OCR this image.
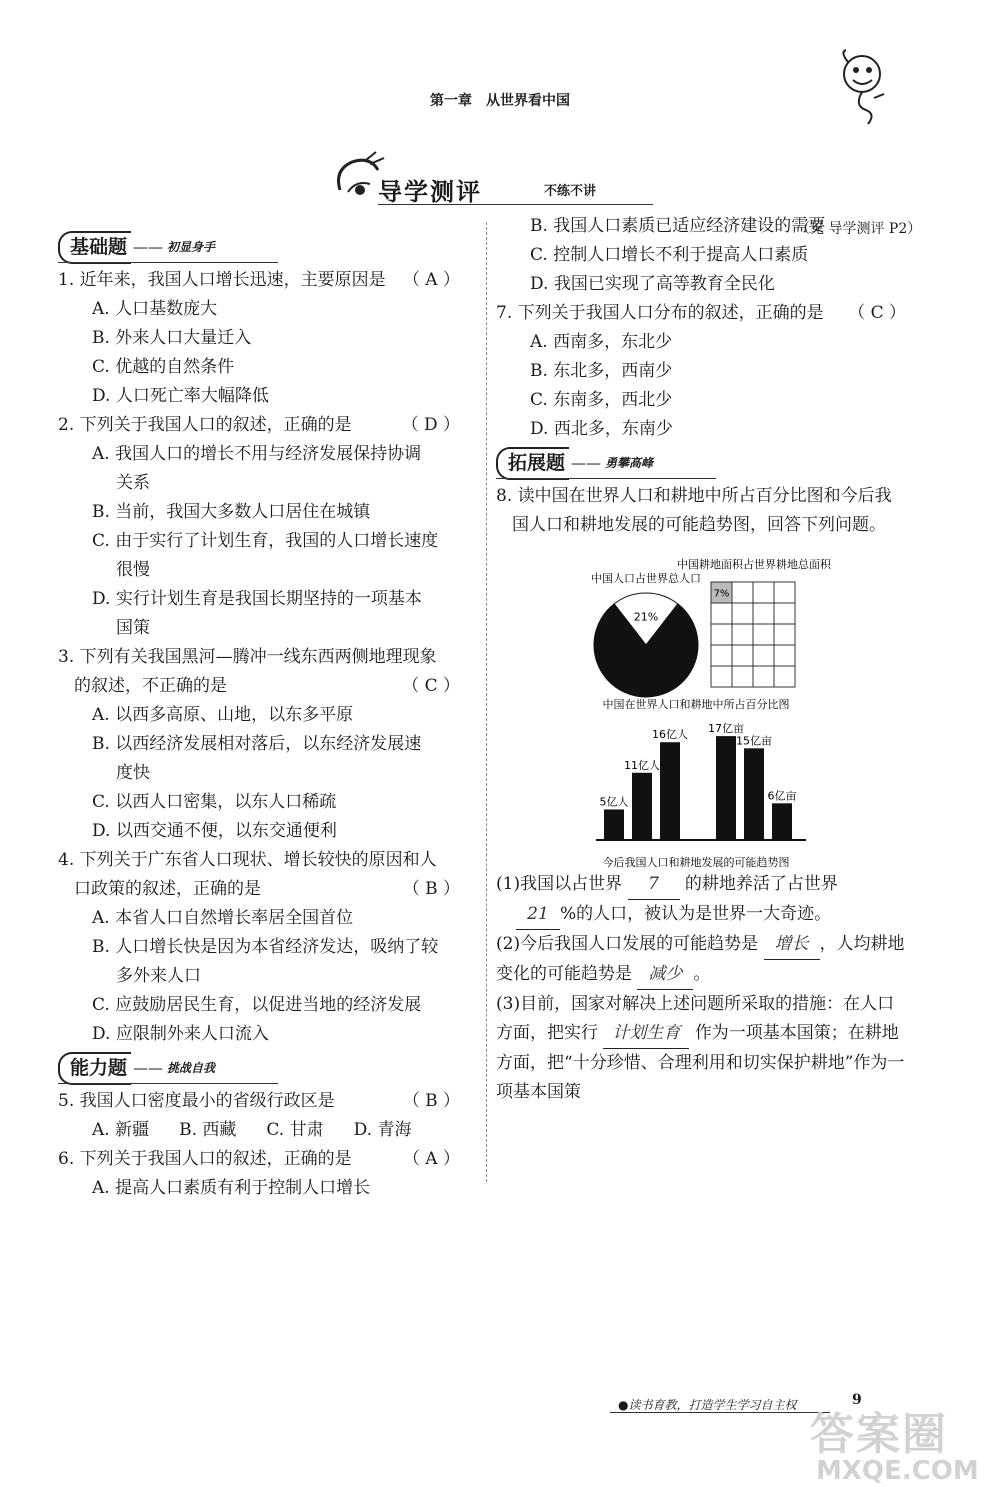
第一章　从世界看中国
导学测评	不练不讲
（见 导学测评 P2）
基础题 —— 初显身手
1. 近年来，我国人口增长迅速，主要原因是 （ A ）
A. 人口基数庞大
B. 外来人口大量迁入
C. 优越的自然条件
D. 人口死亡率大幅降低
2. 下列关于我国人口的叙述，正确的是	（ D ）
A. 我国人口的增长不用与经济发展保持协调
关系
B. 当前，我国大多数人口居住在城镇
C. 由于实行了计划生育，我国的人口增长速度
很慢
D. 实行计划生育是我国长期坚持的一项基本
国策
3. 下列有关我国黑河—腾冲一线东西两侧地理现象
的叙述，不正确的是	（ C ）
A. 以西多高原、山地，以东多平原
B. 以西经济发展相对落后，以东经济发展速
度快
C. 以西人口密集，以东人口稀疏
D. 以西交通不便，以东交通便利
4. 下列关于广东省人口现状、增长较快的原因和人
口政策的叙述，正确的是	（ B ）
A. 本省人口自然增长率居全国首位
B. 人口增长快是因为本省经济发达，吸纳了较
多外来人口
C. 应鼓励居民生育，以促进当地的经济发展
D. 应限制外来人口流入
能力题 —— 挑战自我
5. 我国人口密度最小的省级行政区是	（ B ）
A. 新疆 B. 西藏 C. 甘肃 D. 青海
6. 下列关于我国人口的叙述，正确的是	（ A ）
A. 提高人口素质有利于控制人口增长
B. 我国人口素质已适应经济建设的需要
C. 控制人口增长不利于提高人口素质
D. 我国已实现了高等教育全民化
7. 下列关于我国人口分布的叙述，正确的是 （ C ）
A. 西南多，东北少
B. 东北多，西南少
C. 东南多，西北少
D. 西北多，东南少
拓展题 —— 勇攀高峰
8. 读中国在世界人口和耕地中所占百分比图和今后我国人口和耕地发展的可能趋势图，回答下列问题。
中国人口占世界总人口
21%
中国耕地面积占世界耕地总面积
7%
中国在世界人口和耕地中所占百分比图
5亿人
11亿人
16亿人 17亿亩
15亿亩
6亿亩
今后我国人口和耕地发展的可能趋势图
(1)我国以占世界 7 的耕地养活了占世界 21 %的人口，被认为是世界一大奇迹。
(2)今后我国人口发展的可能趋势是 增长 ，人均耕地变化的可能趋势是 减少 。
(3)目前，国家对解决上述问题所采取的措施：在人口方面，把实行 计划生育 作为一项基本国策；在耕地方面，把“十分珍惜、合理利用和切实保护耕地”作为一项基本国策
●读书育教，打造学生学习自主权	9
答案圈
MXQE.COM
